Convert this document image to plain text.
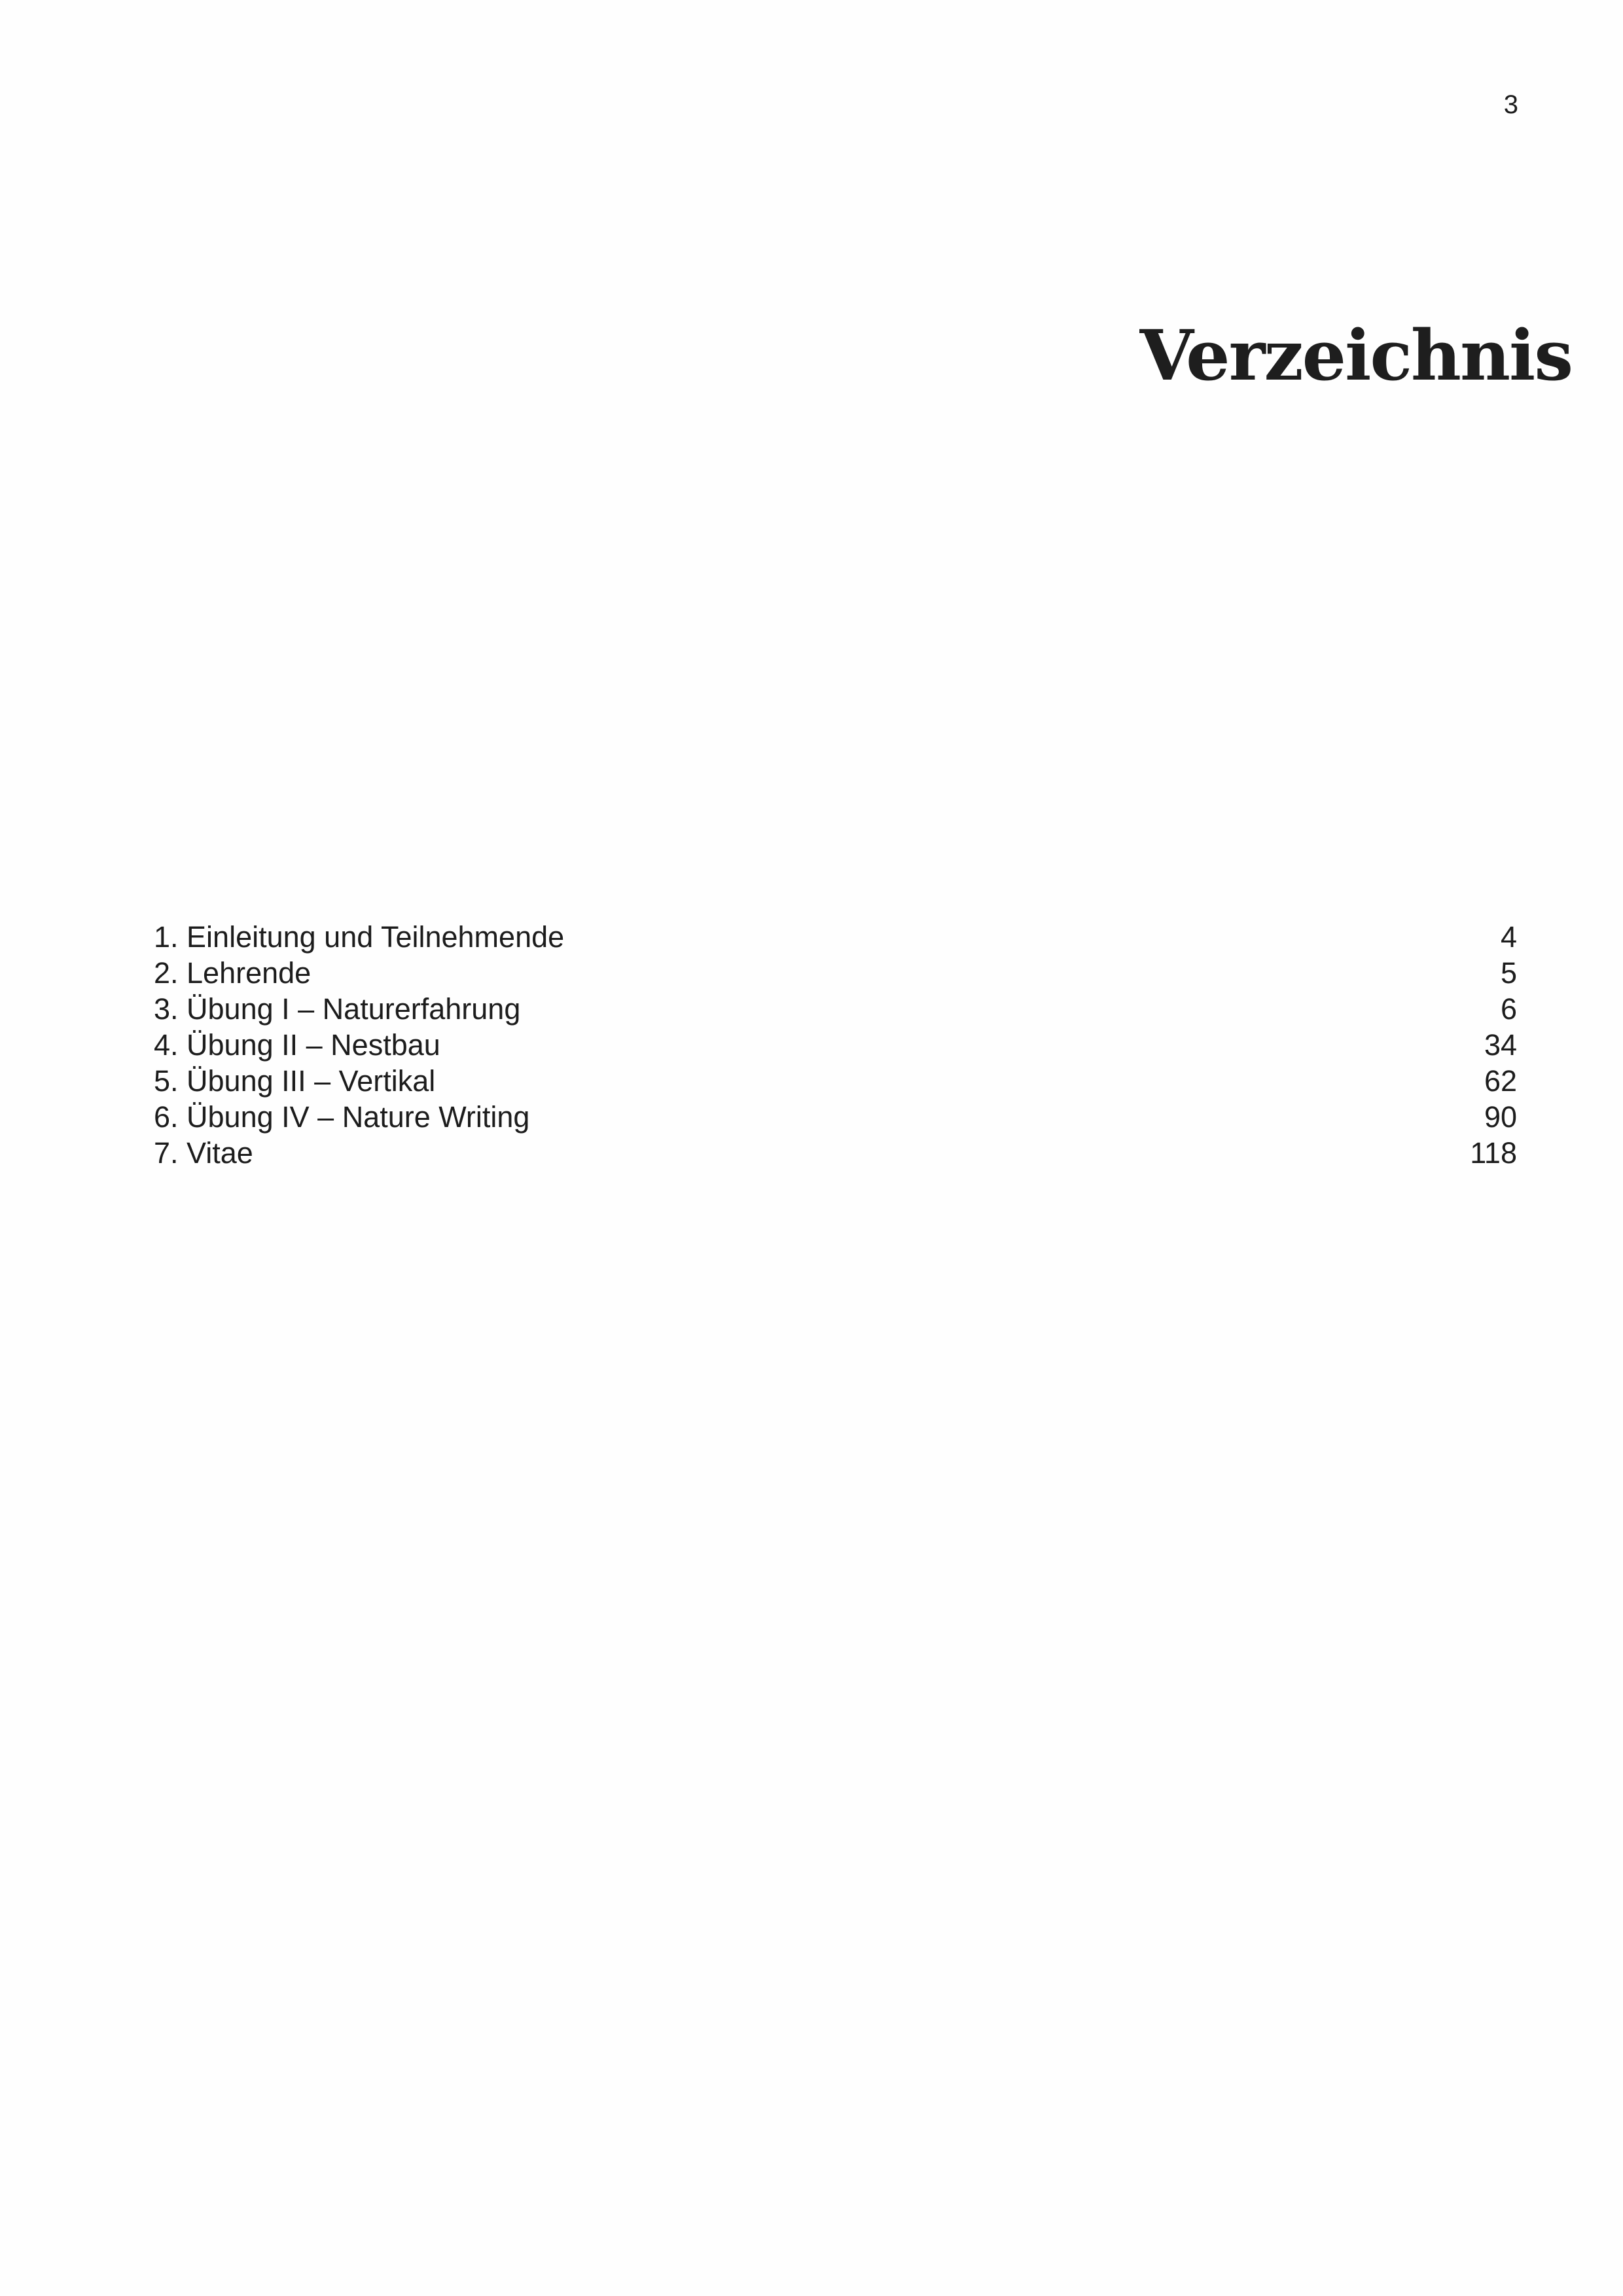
3
Verzeichnis
1. Einleitung und Teilnehmende	4
2. Lehrende	5
3. Übung I – Naturerfahrung	6
4. Übung II – Nestbau	34
5. Übung III – Vertikal	62
6. Übung IV – Nature Writing	90
7. Vitae	118
